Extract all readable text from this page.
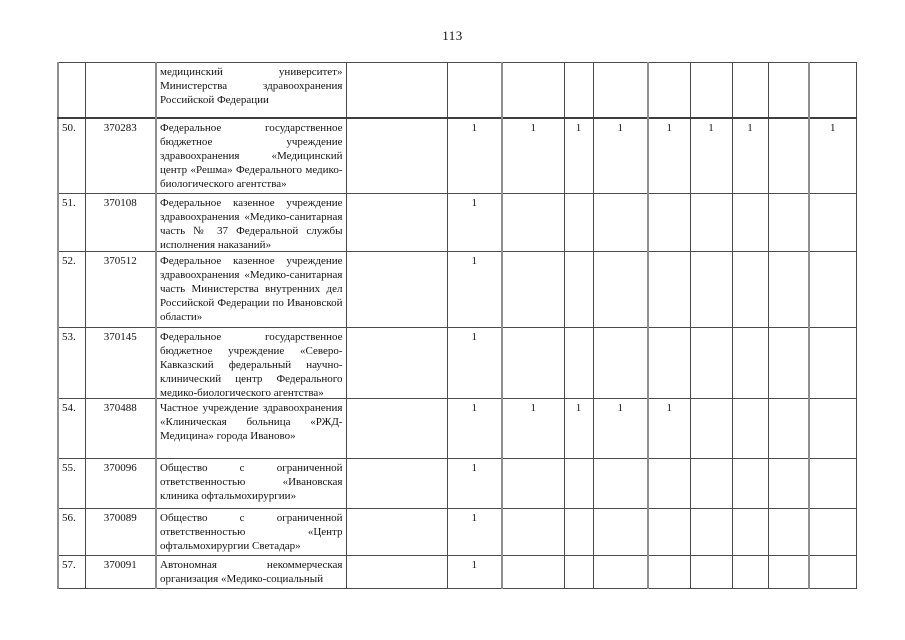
113

		медицинский университет» Министерства здравоохранения Российской Федерации										

50.	370283	Федеральное государственное бюджетное учреждение здравоохранения «Медицинский центр «Решма» Федерального медико-биологического агентства»		1	1	1	1	1	1	1		1
51.	370108	Федеральное казенное учреждение здравоохранения «Медико-санитарная часть № 37 Федеральной службы исполнения наказаний»		1								
52.	370512	Федеральное казенное учреждение здравоохранения «Медико-санитарная часть Министерства внутренних дел Российской Федерации по Ивановской области»		1								
53.	370145	Федеральное государственное бюджетное учреждение «Северо-Кавказский федеральный научно-клинический центр Федерального медико-биологического агентства»		1								
54.	370488	Частное учреждение здравоохранения «Клиническая больница «РЖД-Медицина» города Иваново»		1	1	1	1	1				
55.	370096	Общество с ограниченной ответственностью «Ивановская клиника офтальмохирургии»		1								
56.	370089	Общество с ограниченной ответственностью «Центр офтальмохирургии Светадар»		1								
57.	370091	Автономная некоммерческая организация «Медико-социальный		1								
